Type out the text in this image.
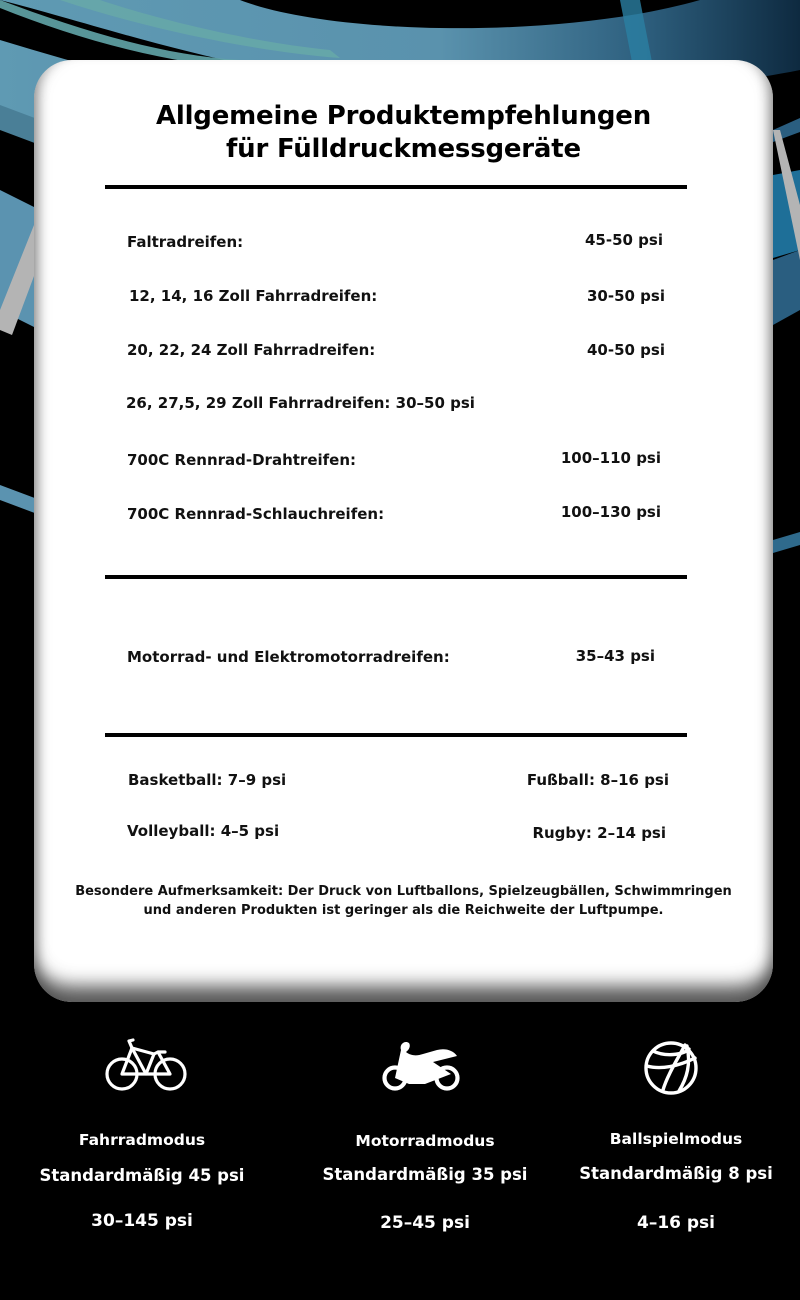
Allgemeine Produktempfehlungen
für Fülldruckmessgeräte
Faltradreifen:	45-50 psi
12, 14, 16 Zoll Fahrradreifen:	30-50 psi
20, 22, 24 Zoll Fahrradreifen:	40-50 psi
26, 27,5, 29 Zoll Fahrradreifen: 30–50 psi
700C Rennrad-Drahtreifen:	100–110 psi
700C Rennrad-Schlauchreifen:	100–130 psi
Motorrad- und Elektromotorradreifen:	35–43 psi
Basketball: 7–9 psi	Fußball: 8–16 psi
Volleyball: 4–5 psi	Rugby: 2–14 psi
Besondere Aufmerksamkeit: Der Druck von Luftballons, Spielzeugbällen, Schwimmringen
und anderen Produkten ist geringer als die Reichweite der Luftpumpe.
Fahrradmodus
Standardmäßig 45 psi
30–145 psi
Motorradmodus
Standardmäßig 35 psi
25–45 psi
Ballspielmodus
Standardmäßig 8 psi
4–16 psi
